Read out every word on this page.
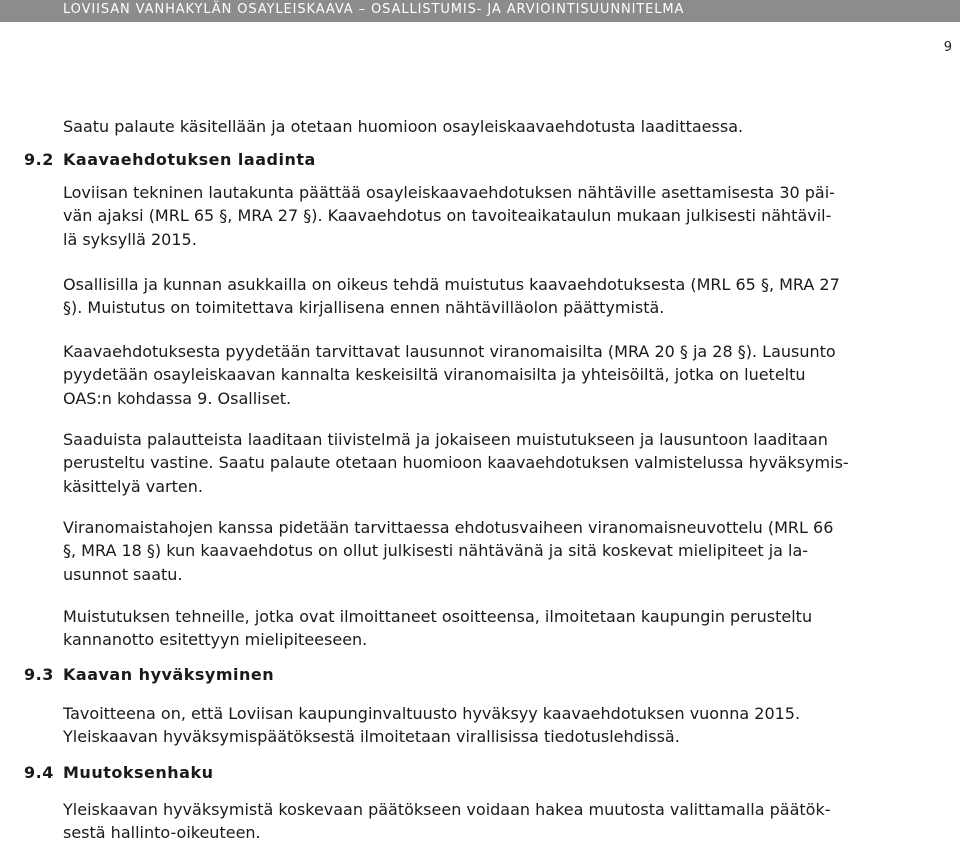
LOVIISAN VANHAKYLÄN OSAYLEISKAAVA – OSALLISTUMIS- JA ARVIOINTISUUNNITELMA
9
Saatu palaute käsitellään ja otetaan huomioon osayleiskaavaehdotusta laadittaessa.
9.2 Kaavaehdotuksen laadinta
Loviisan tekninen lautakunta päättää osayleiskaavaehdotuksen nähtäville asettamisesta 30 päi-
vän ajaksi (MRL 65 §, MRA 27 §). Kaavaehdotus on tavoiteaikataulun mukaan julkisesti nähtävil-
lä syksyllä 2015.
Osallisilla ja kunnan asukkailla on oikeus tehdä muistutus kaavaehdotuksesta (MRL 65 §, MRA 27
§). Muistutus on toimitettava kirjallisena ennen nähtävilläolon päättymistä.
Kaavaehdotuksesta pyydetään tarvittavat lausunnot viranomaisilta (MRA 20 § ja 28 §). Lausunto
pyydetään osayleiskaavan kannalta keskeisiltä viranomaisilta ja yhteisöiltä, jotka on lueteltu
OAS:n kohdassa 9. Osalliset.
Saaduista palautteista laaditaan tiivistelmä ja jokaiseen muistutukseen ja lausuntoon laaditaan
perusteltu vastine. Saatu palaute otetaan huomioon kaavaehdotuksen valmistelussa hyväksymis-
käsittelyä varten.
Viranomaistahojen kanssa pidetään tarvittaessa ehdotusvaiheen viranomaisneuvottelu (MRL 66
§, MRA 18 §) kun kaavaehdotus on ollut julkisesti nähtävänä ja sitä koskevat mielipiteet ja la-
usunnot saatu.
Muistutuksen tehneille, jotka ovat ilmoittaneet osoitteensa, ilmoitetaan kaupungin perusteltu
kannanotto esitettyyn mielipiteeseen.
9.3 Kaavan hyväksyminen
Tavoitteena on, että Loviisan kaupunginvaltuusto hyväksyy kaavaehdotuksen vuonna 2015.
Yleiskaavan hyväksymispäätöksestä ilmoitetaan virallisissa tiedotuslehdissä.
9.4 Muutoksenhaku
Yleiskaavan hyväksymistä koskevaan päätökseen voidaan hakea muutosta valittamalla päätök-
sestä hallinto-oikeuteen.
